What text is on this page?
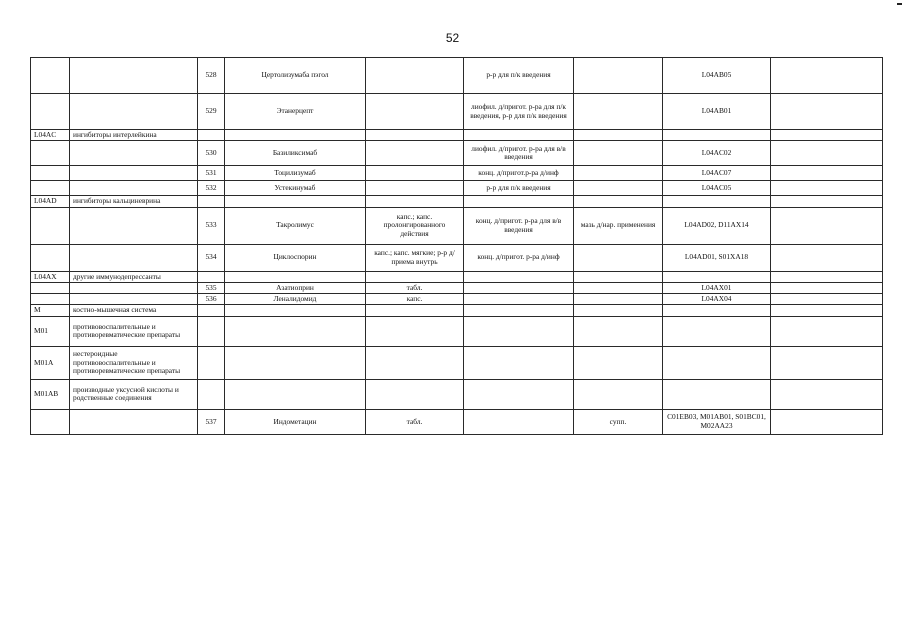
52
		528	Цертолизумаба пэгол		р-р для п/к введения		L04AB05	
		529	Этанерцепт		лиофил. д/пригот. р-ра для п/к введения, р-р для п/к введения		L04AB01	
L04AC	ингибиторы интерлейкина							
		530	Базиликсимаб		лиофил. д/пригот. р-ра для в/в введения		L04AC02	
		531	Тоцилизумаб		конц. д/пригот.р-ра д/инф		L04AC07	
		532	Устекинумаб		р-р для п/к введения		L04AC05	
L04AD	ингибиторы кальциневрина							
		533	Такролимус	капс.; капс. пролонгированного действия	конц. д/пригот. р-ра для в/в введения	мазь д/нар. применения	L04AD02, D11AX14	
		534	Циклоспорин	капс.; капс. мягкие; р-р д/приема внутрь	конц. д/пригот. р-ра д/инф		L04AD01, S01XA18	
L04AX	другие иммунодепрессанты							
		535	Азатиоприн	табл.			L04AX01	
		536	Леналидомид	капс.			L04AX04	
M	костно-мышечная система							
M01	противовоспалительные и противоревматические препараты							
M01A	нестероидные противовоспалительные и противоревматические препараты							
M01AB	производные уксусной кислоты и родственные соединения							
		537	Индометацин	табл.		супп.	C01EB03, M01AB01, S01BC01, M02AA23	
